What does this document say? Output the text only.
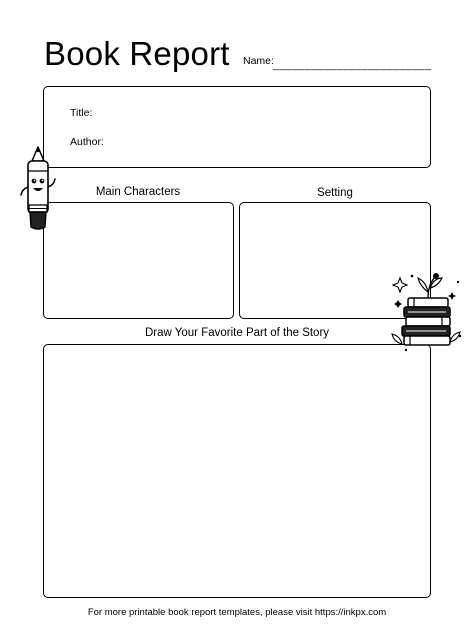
Book Report Name: _________________________
Title:
Author:
Main Characters	Setting
Draw Your Favorite Part of the Story
For more printable book report templates, please visit https://inkpx.com
